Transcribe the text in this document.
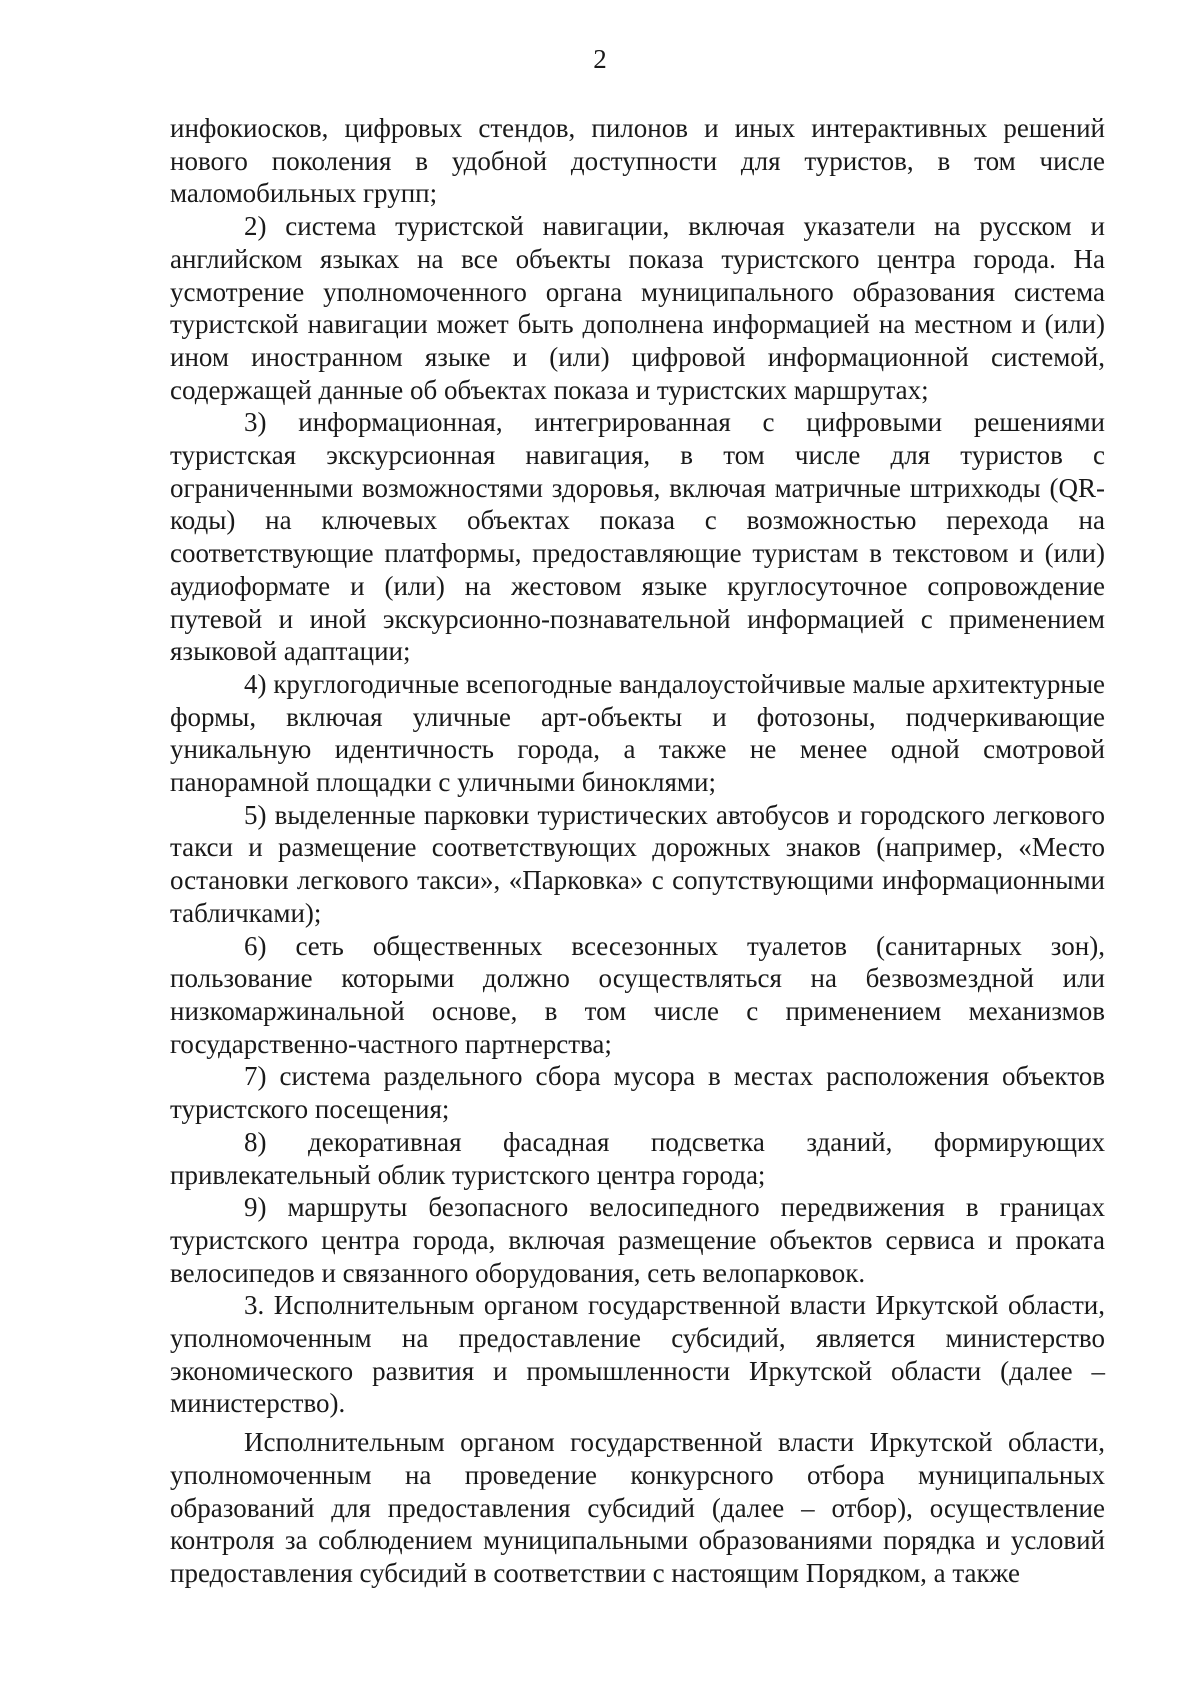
2

инфокиосков, цифровых стендов, пилонов и иных интерактивных решений нового поколения в удобной доступности для туристов, в том числе маломобильных групп;

2) система туристской навигации, включая указатели на русском и английском языках на все объекты показа туристского центра города. На усмотрение уполномоченного органа муниципального образования система туристской навигации может быть дополнена информацией на местном и (или) ином иностранном языке и (или) цифровой информационной системой, содержащей данные об объектах показа и туристских маршрутах;

3) информационная, интегрированная с цифровыми решениями туристская экскурсионная навигация, в том числе для туристов с ограниченными возможностями здоровья, включая матричные штрихкоды (QR-коды) на ключевых объектах показа с возможностью перехода на соответствующие платформы, предоставляющие туристам в текстовом и (или) аудиоформате и (или) на жестовом языке круглосуточное сопровождение путевой и иной экскурсионно-познавательной информацией с применением языковой адаптации;

4) круглогодичные всепогодные вандалоустойчивые малые архитектурные формы, включая уличные арт-объекты и фотозоны, подчеркивающие уникальную идентичность города, а также не менее одной смотровой панорамной площадки с уличными биноклями;

5) выделенные парковки туристических автобусов и городского легкового такси и размещение соответствующих дорожных знаков (например, «Место остановки легкового такси», «Парковка» с сопутствующими информационными табличками);

6) сеть общественных всесезонных туалетов (санитарных зон), пользование которыми должно осуществляться на безвозмездной или низкомаржинальной основе, в том числе с применением механизмов государственно-частного партнерства;

7) система раздельного сбора мусора в местах расположения объектов туристского посещения;

8) декоративная фасадная подсветка зданий, формирующих привлекательный облик туристского центра города;

9) маршруты безопасного велосипедного передвижения в границах туристского центра города, включая размещение объектов сервиса и проката велосипедов и связанного оборудования, сеть велопарковок.

3. Исполнительным органом государственной власти Иркутской области, уполномоченным на предоставление субсидий, является министерство экономического развития и промышленности Иркутской области (далее – министерство).

Исполнительным органом государственной власти Иркутской области, уполномоченным на проведение конкурсного отбора муниципальных образований для предоставления субсидий (далее – отбор), осуществление контроля за соблюдением муниципальными образованиями порядка и условий предоставления субсидий в соответствии с настоящим Порядком, а также
